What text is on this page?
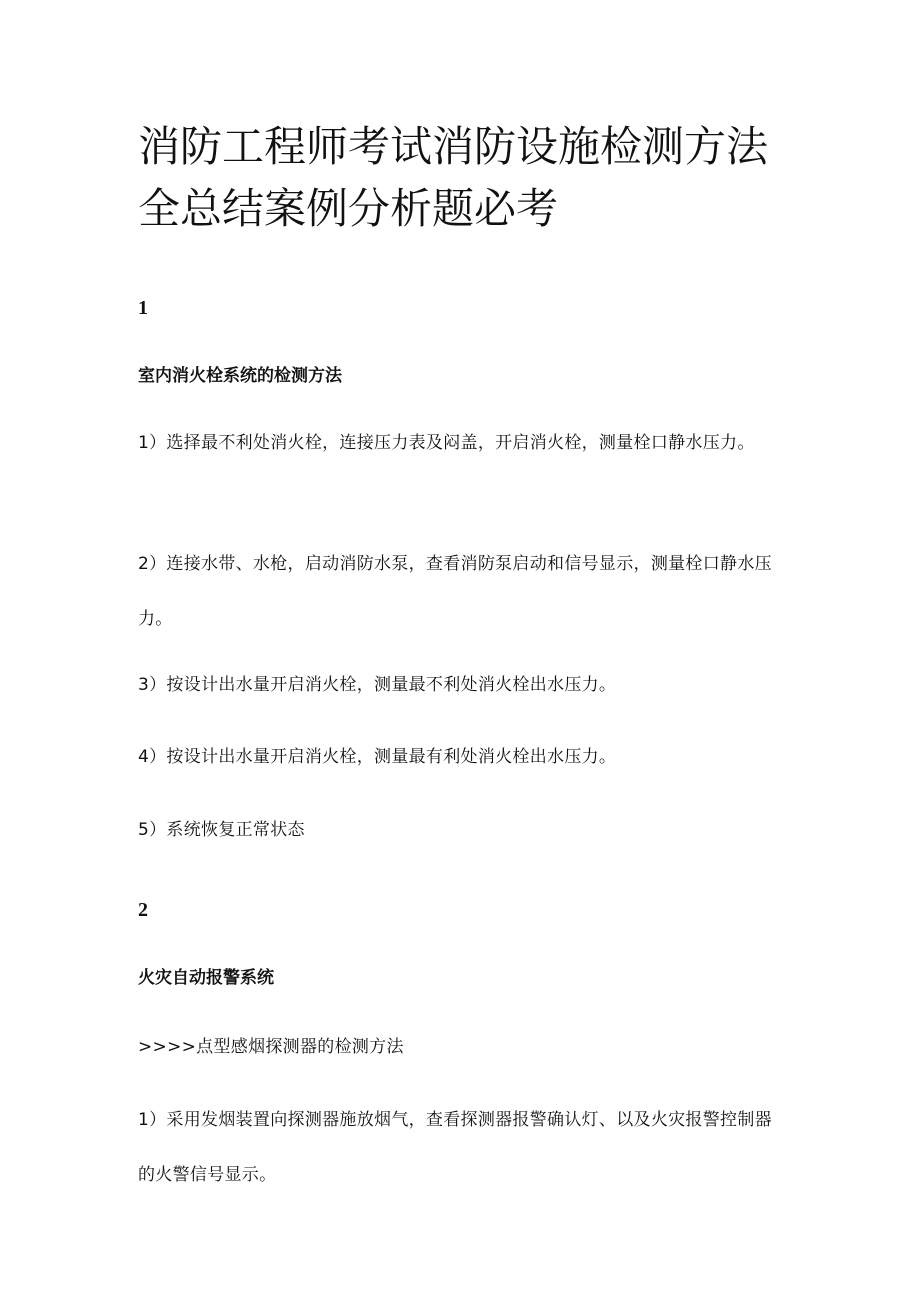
消防工程师考试消防设施检测方法全总结案例分析题必考
1
室内消火栓系统的检测方法

1）选择最不利处消火栓，连接压力表及闷盖，开启消火栓，测量栓口静水压力。

2）连接水带、水枪，启动消防水泵，查看消防泵启动和信号显示，测量栓口静水压力。

3）按设计出水量开启消火栓，测量最不利处消火栓出水压力。

4）按设计出水量开启消火栓，测量最有利处消火栓出水压力。

5）系统恢复正常状态

2
火灾自动报警系统

>>>>点型感烟探测器的检测方法

1）采用发烟装置向探测器施放烟气，查看探测器报警确认灯、以及火灾报警控制器的火警信号显示。
